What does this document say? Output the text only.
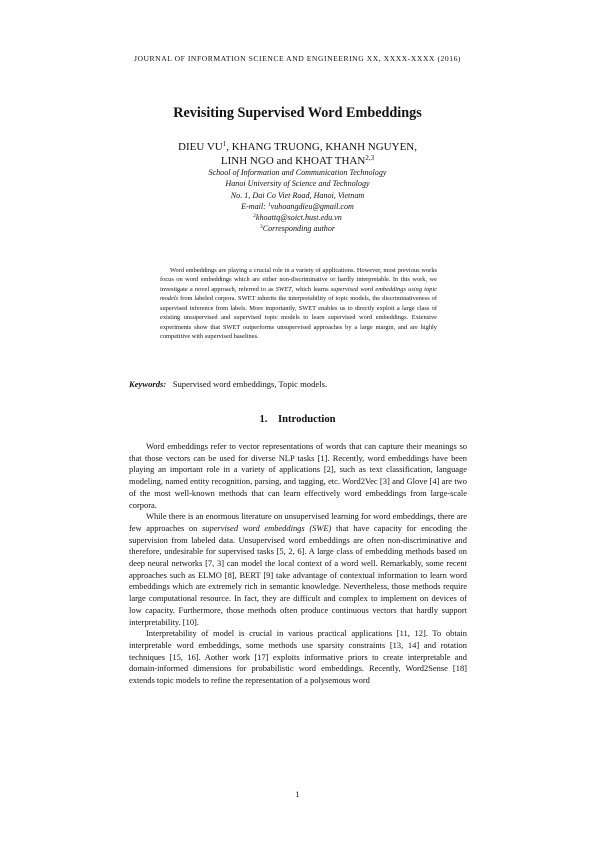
JOURNAL OF INFORMATION SCIENCE AND ENGINEERING XX, XXXX-XXXX (2016)
Revisiting Supervised Word Embeddings
DIEU $VU^1$, KHANG TRUONG, KHANH NGUYEN,
LINH NGO and KHOAT THAN$^{2,3}$
School of Information and Communication Technology
Hanoi University of Science and Technology
No. 1, Dai Co Viet Road, Hanoi, Vietnam
E-mail: $^1$vuhoangdieu@gmail.com
$^2$khoattq@soict.hust.edu.vn
$^3$Corresponding author
Word embeddings are playing a crucial role in a variety of applications. However, most previous works focus on word embeddings which are either non-discriminative or hardly interpretable. In this work, we investigate a novel approach, referred to as SWET, which learns supervised word embeddings using topic models from labeled corpora. SWET inherits the interpretability of topic models, the discriminativeness of supervised inference from labels. More importantly, SWET enables us to directly exploit a large class of existing unsupervised and supervised topic models to learn supervised word embeddings. Extensive experiments show that SWET outperforms unsupervised approaches by a large margin, and are highly competitive with supervised baselines.
Keywords: Supervised word embeddings, Topic models.
1. Introduction

Word embeddings refer to vector representations of words that can capture their meanings so that those vectors can be used for diverse NLP tasks [1]. Recently, word embeddings have been playing an important role in a variety of applications [2], such as text classification, language modeling, named entity recognition, parsing, and tagging, etc. Word2Vec [3] and Glove [4] are two of the most well-known methods that can learn effectively word embeddings from large-scale corpora.

While there is an enormous literature on unsupervised learning for word embeddings, there are few approaches on supervised word embeddings (SWE) that have capacity for encoding the supervision from labeled data. Unsupervised word embeddings are often non-discriminative and therefore, undesirable for supervised tasks [5, 2, 6]. A large class of embedding methods based on deep neural networks [7, 3] can model the local context of a word well. Remarkably, some recent approaches such as ELMO [8], BERT [9] take advantage of contextual information to learn word embeddings which are extremely rich in semantic knowledge. Nevertheless, those methods require large computational resource. In fact, they are difficult and complex to implement on devices of low capacity. Furthermore, those methods often produce continuous vectors that hardly support interpretability. [10].

Interpretability of model is crucial in various practical applications [11, 12]. To obtain interpretable word embeddings, some methods use sparsity constraints [13, 14] and rotation techniques [15, 16]. Aother work [17] exploits informative priors to create interpretable and domain-informed dimensions for probabilistic word embeddings. Recently, Word2Sense [18] extends topic models to refine the representation of a polysemous word

1
